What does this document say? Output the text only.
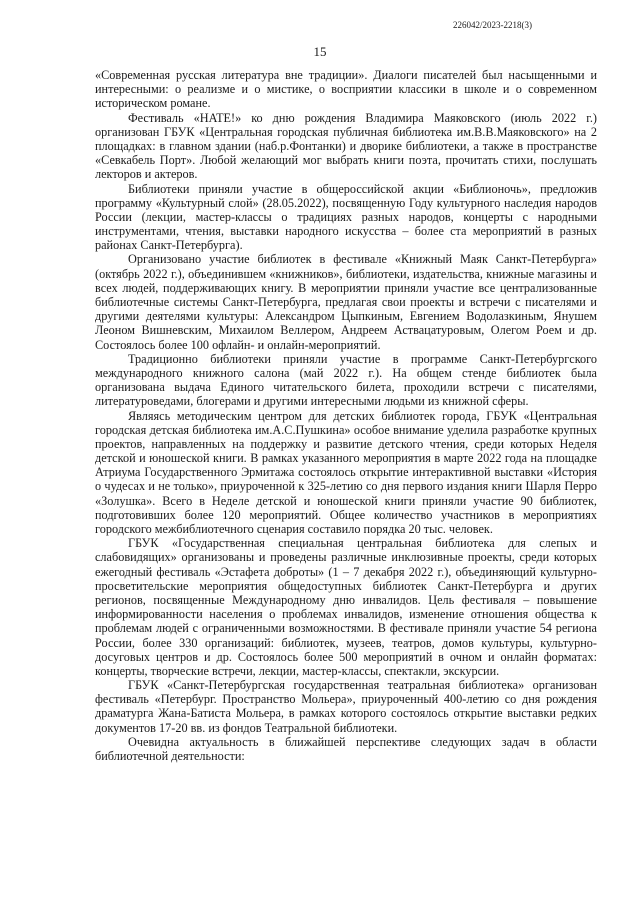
226042/2023-2218(3)
15

«Современная русская литература вне традиции». Диалоги писателей был насыщенными и интересными: о реализме и о мистике, о восприятии классики в школе и о современном историческом романе.

Фестиваль «HATE!» ко дню рождения Владимира Маяковского (июль 2022 г.) организован ГБУК «Центральная городская публичная библиотека им.В.В.Маяковского» на 2 площадках: в главном здании (наб.р.Фонтанки) и дворике библиотеки, а также в пространстве «Севкабель Порт». Любой желающий мог выбрать книги поэта, прочитать стихи, послушать лекторов и актеров.

Библиотеки приняли участие в общероссийской акции «Библионочь», предложив программу «Культурный слой» (28.05.2022), посвященную Году культурного наследия народов России (лекции, мастер-классы о традициях разных народов, концерты с народными инструментами, чтения, выставки народного искусства – более ста мероприятий в разных районах Санкт-Петербурга).

Организовано участие библиотек в фестивале «Книжный Маяк Санкт-Петербурга» (октябрь 2022 г.), объединившем «книжников», библиотеки, издательства, книжные магазины и всех людей, поддерживающих книгу. В мероприятии приняли участие все централизованные библиотечные системы Санкт-Петербурга, предлагая свои проекты и встречи с писателями и другими деятелями культуры: Александром Цыпкиным, Евгением Водолазкиным, Янушем Леоном Вишневским, Михаилом Веллером, Андреем Аствацатуровым, Олегом Роем и др. Состоялось более 100 офлайн- и онлайн-мероприятий.

Традиционно библиотеки приняли участие в программе Санкт-Петербургского международного книжного салона (май 2022 г.). На общем стенде библиотек была организована выдача Единого читательского билета, проходили встречи с писателями, литературоведами, блогерами и другими интересными людьми из книжной сферы.

Являясь методическим центром для детских библиотек города, ГБУК «Центральная городская детская библиотека им.А.С.Пушкина» особое внимание уделила разработке крупных проектов, направленных на поддержку и развитие детского чтения, среди которых Неделя детской и юношеской книги. В рамках указанного мероприятия в марте 2022 года на площадке Атриума Государственного Эрмитажа состоялось открытие интерактивной выставки «История о чудесах и не только», приуроченной к 325-летию со дня первого издания книги Шарля Перро «Золушка». Всего в Неделе детской и юношеской книги приняли участие 90 библиотек, подготовивших более 120 мероприятий. Общее количество участников в мероприятиях городского межбиблиотечного сценария составило порядка 20 тыс. человек.

ГБУК «Государственная специальная центральная библиотека для слепых и слабовидящих» организованы и проведены различные инклюзивные проекты, среди которых ежегодный фестиваль «Эстафета доброты» (1 – 7 декабря 2022 г.), объединяющий культурно-просветительские мероприятия общедоступных библиотек Санкт-Петербурга и других регионов, посвященные Международному дню инвалидов. Цель фестиваля – повышение информированности населения о проблемах инвалидов, изменение отношения общества к проблемам людей с ограниченными возможностями. В фестивале приняли участие 54 региона России, более 330 организаций: библиотек, музеев, театров, домов культуры, культурно-досуговых центров и др. Состоялось более 500 мероприятий в очном и онлайн форматах: концерты, творческие встречи, лекции, мастер-классы, спектакли, экскурсии.

ГБУК «Санкт-Петербургская государственная театральная библиотека» организован фестиваль «Петербург. Пространство Мольера», приуроченный 400-летию со дня рождения драматурга Жана-Батиста Мольера, в рамках которого состоялось открытие выставки редких документов 17-20 вв. из фондов Театральной библиотеки.

Очевидна актуальность в ближайшей перспективе следующих задач в области библиотечной деятельности:
